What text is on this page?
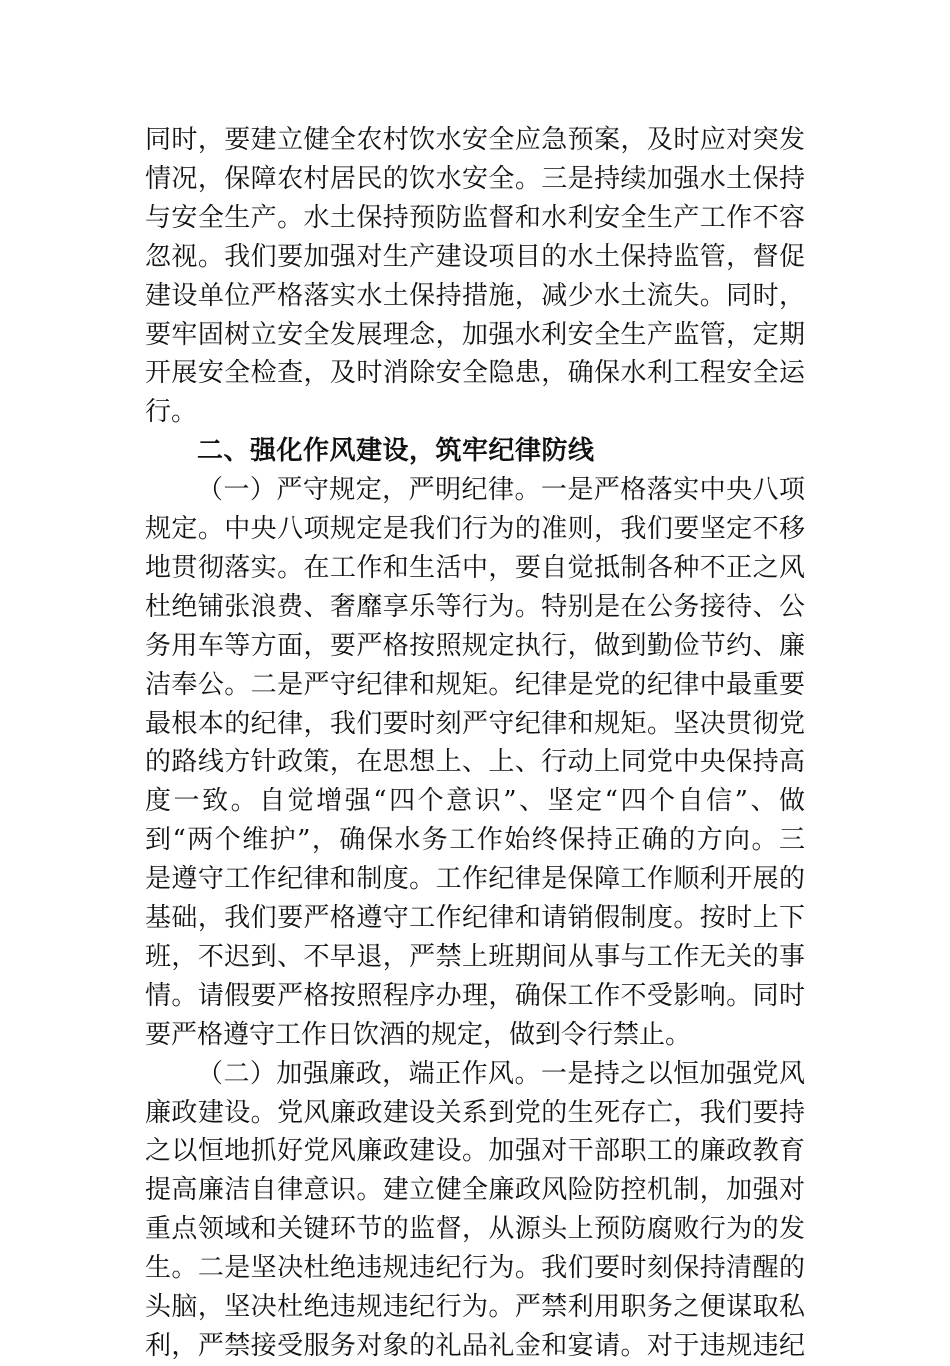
同时，要建立健全农村饮水安全应急预案，及时应对突发
情况，保障农村居民的饮水安全。三是持续加强水土保持
与安全生产。水土保持预防监督和水利安全生产工作不容
忽视。我们要加强对生产建设项目的水土保持监管，督促
建设单位严格落实水土保持措施，减少水土流失。同时，
要牢固树立安全发展理念，加强水利安全生产监管，定期
开展安全检查，及时消除安全隐患，确保水利工程安全运
行。
二、强化作风建设，筑牢纪律防线
（一）严守规定，严明纪律。一是严格落实中央八项
规定。中央八项规定是我们行为的准则，我们要坚定不移
地贯彻落实。在工作和生活中，要自觉抵制各种不正之风
杜绝铺张浪费、奢靡享乐等行为。特别是在公务接待、公
务用车等方面，要严格按照规定执行，做到勤俭节约、廉
洁奉公。二是严守纪律和规矩。纪律是党的纪律中最重要
最根本的纪律，我们要时刻严守纪律和规矩。坚决贯彻党
的路线方针政策，在思想上、上、行动上同党中央保持高
度一致。自觉增强“四个意识”、坚定“四个自信”、做
到“两个维护”，确保水务工作始终保持正确的方向。三
是遵守工作纪律和制度。工作纪律是保障工作顺利开展的
基础，我们要严格遵守工作纪律和请销假制度。按时上下
班，不迟到、不早退，严禁上班期间从事与工作无关的事
情。请假要严格按照程序办理，确保工作不受影响。同时
要严格遵守工作日饮酒的规定，做到令行禁止。
（二）加强廉政，端正作风。一是持之以恒加强党风
廉政建设。党风廉政建设关系到党的生死存亡，我们要持
之以恒地抓好党风廉政建设。加强对干部职工的廉政教育
提高廉洁自律意识。建立健全廉政风险防控机制，加强对
重点领域和关键环节的监督，从源头上预防腐败行为的发
生。二是坚决杜绝违规违纪行为。我们要时刻保持清醒的
头脑，坚决杜绝违规违纪行为。严禁利用职务之便谋取私
利，严禁接受服务对象的礼品礼金和宴请。对于违规违纪
